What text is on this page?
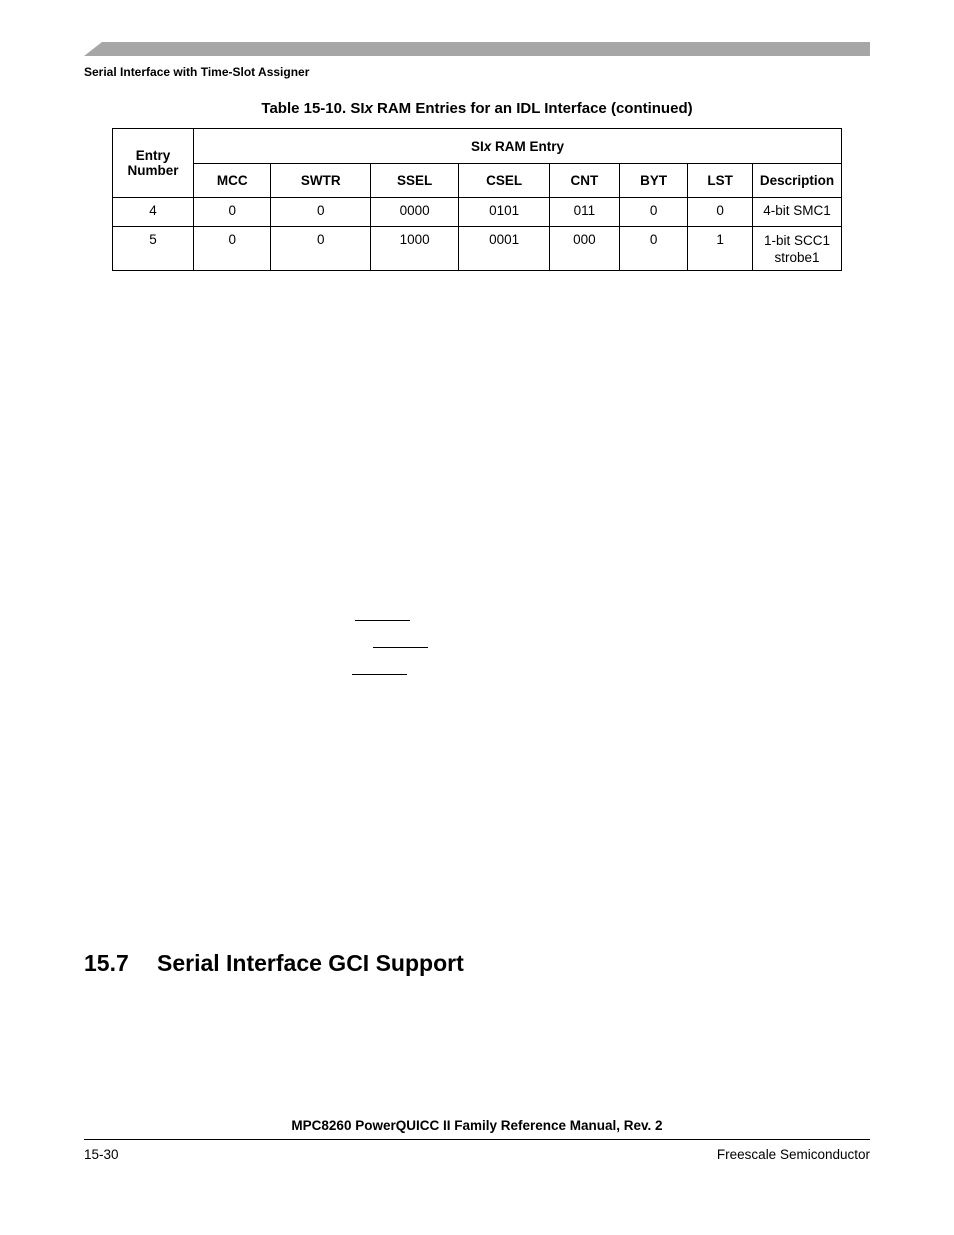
Serial Interface with Time-Slot Assigner
Table 15-10. SIx RAM Entries for an IDL Interface (continued)
Entry Number	SIx RAM Entry							
	MCC	SWTR	SSEL	CSEL	CNT	BYT	LST	Description
4	0	0	0000	0101	011	0	0	4-bit SMC1
5	0	0	1000	0001	000	0	1	1-bit SCC1 strobe1
15.7 Serial Interface GCI Support
MPC8260 PowerQUICC II Family Reference Manual, Rev. 2
15-30	Freescale Semiconductor
